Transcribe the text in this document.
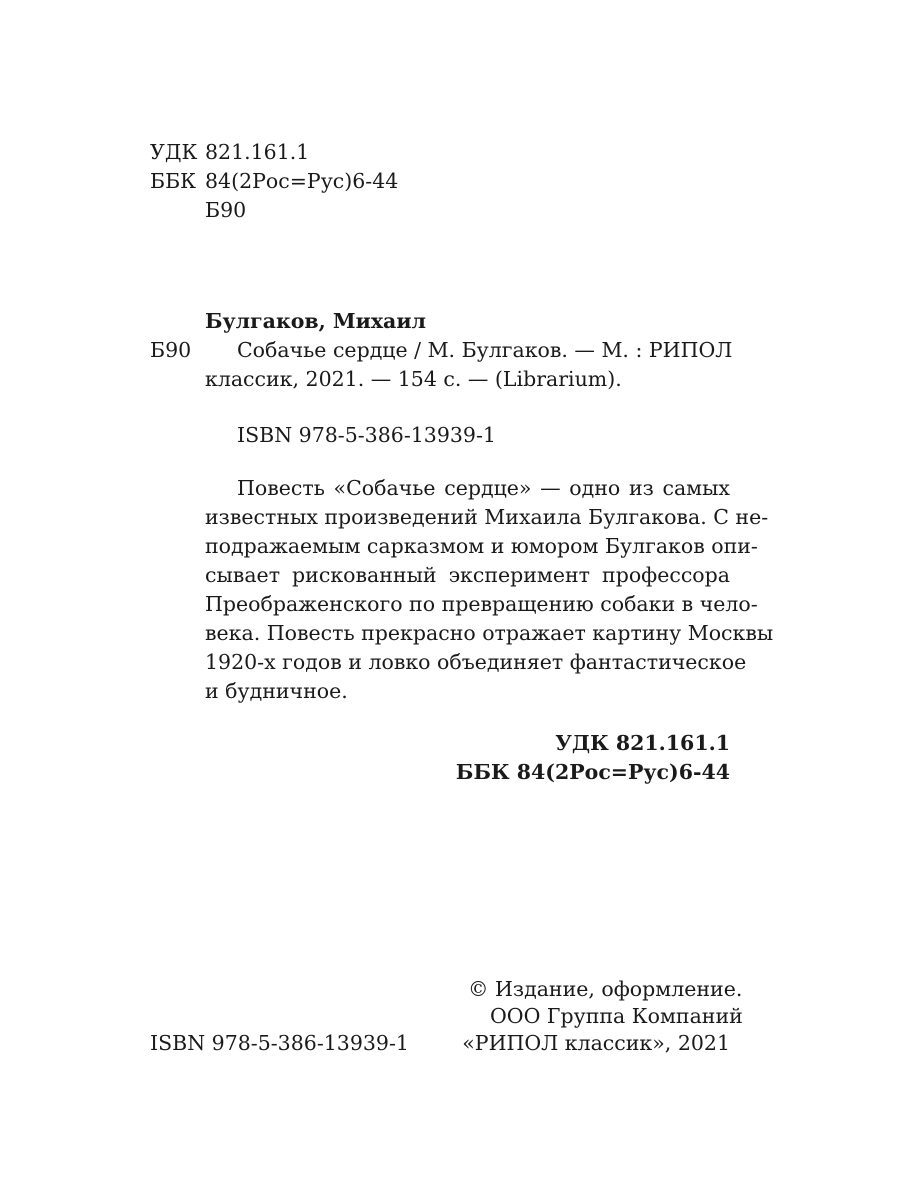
УДК 821.161.1
ББК 84(2Рос=Рус)6-44
Б90
Булгаков, Михаил
Б90 Собачье сердце / М. Булгаков. — М. : РИПОЛ
классик, 2021. — 154 с. — (Librarium).
ISBN 978-5-386-13939-1
Повесть «Собачье сердце» — одно из самых
известных произведений Михаила Булгакова. С не-
подражаемым сарказмом и юмором Булгаков опи-
сывает рискованный эксперимент профессора
Преображенского по превращению собаки в чело-
века. Повесть прекрасно отражает картину Москвы
1920-х годов и ловко объединяет фантастическое
и будничное.
УДК 821.161.1
ББК 84(2Рос=Рус)6-44
© Издание, оформление.
ООО Группа Компаний
ISBN 978-5-386-13939-1	«РИПОЛ классик», 2021
